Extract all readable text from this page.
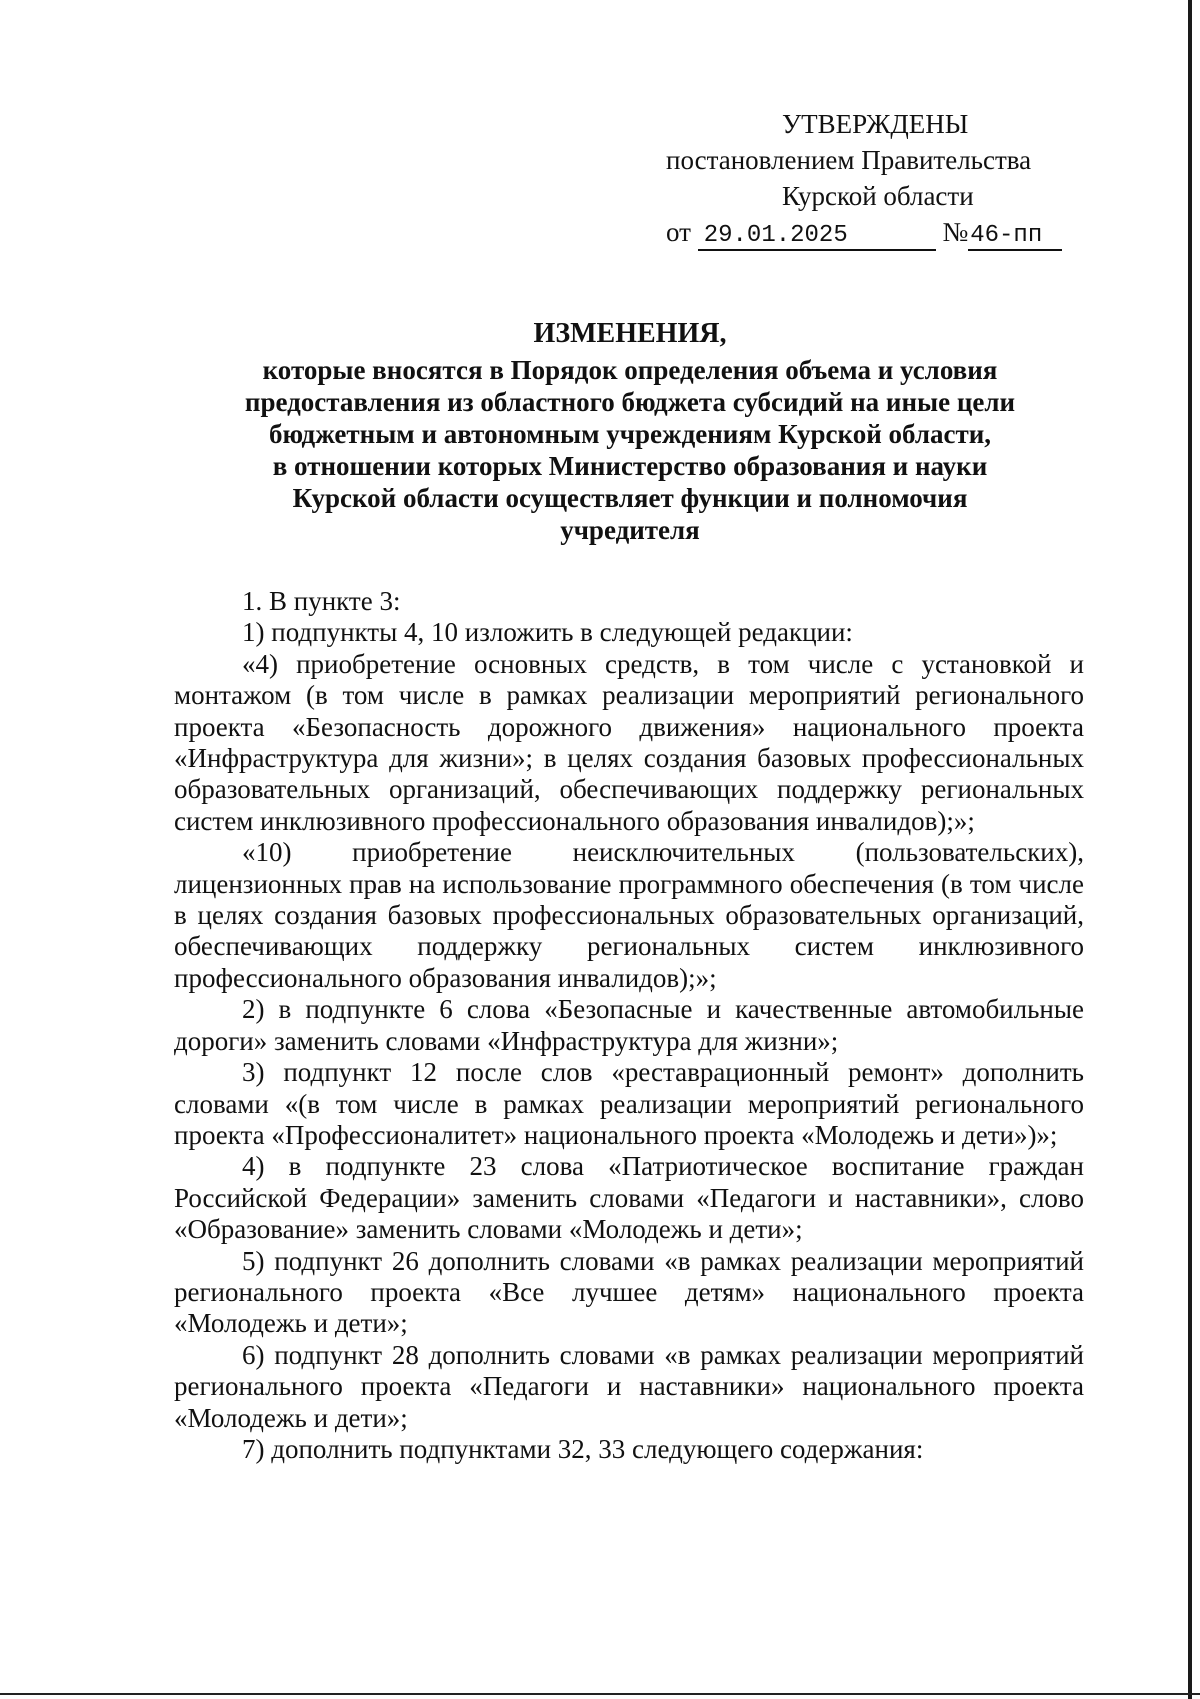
УТВЕРЖДЕНЫ
постановлением Правительства
Курской области
от 29.01.2025	№46-пп
ИЗМЕНЕНИЯ,
которые вносятся в Порядок определения объема и условия
предоставления из областного бюджета субсидий на иные цели
бюджетным и автономным учреждениям Курской области,
в отношении которых Министерство образования и науки
Курской области осуществляет функции и полномочия
учредителя

1. В пункте 3:

1) подпункты 4, 10 изложить в следующей редакции:

«4) приобретение основных средств, в том числе с установкой и монтажом (в том числе в рамках реализации мероприятий регионального проекта «Безопасность дорожного движения» национального проекта «Инфраструктура для жизни»; в целях создания базовых профессиональных образовательных организаций, обеспечивающих поддержку региональных систем инклюзивного профессионального образования инвалидов);»;

«10) приобретение неисключительных (пользовательских), лицензионных прав на использование программного обеспечения (в том числе в целях создания базовых профессиональных образовательных организаций, обеспечивающих поддержку региональных систем инклюзивного профессионального образования инвалидов);»;

2) в подпункте 6 слова «Безопасные и качественные автомобильные дороги» заменить словами «Инфраструктура для жизни»;

3) подпункт 12 после слов «реставрационный ремонт» дополнить словами «(в том числе в рамках реализации мероприятий регионального проекта «Профессионалитет» национального проекта «Молодежь и дети»)»;

4) в подпункте 23 слова «Патриотическое воспитание граждан Российской Федерации» заменить словами «Педагоги и наставники», слово «Образование» заменить словами «Молодежь и дети»;

5) подпункт 26 дополнить словами «в рамках реализации мероприятий регионального проекта «Все лучшее детям» национального проекта «Молодежь и дети»;

6) подпункт 28 дополнить словами «в рамках реализации мероприятий регионального проекта «Педагоги и наставники» национального проекта «Молодежь и дети»;

7) дополнить подпунктами 32, 33 следующего содержания:
